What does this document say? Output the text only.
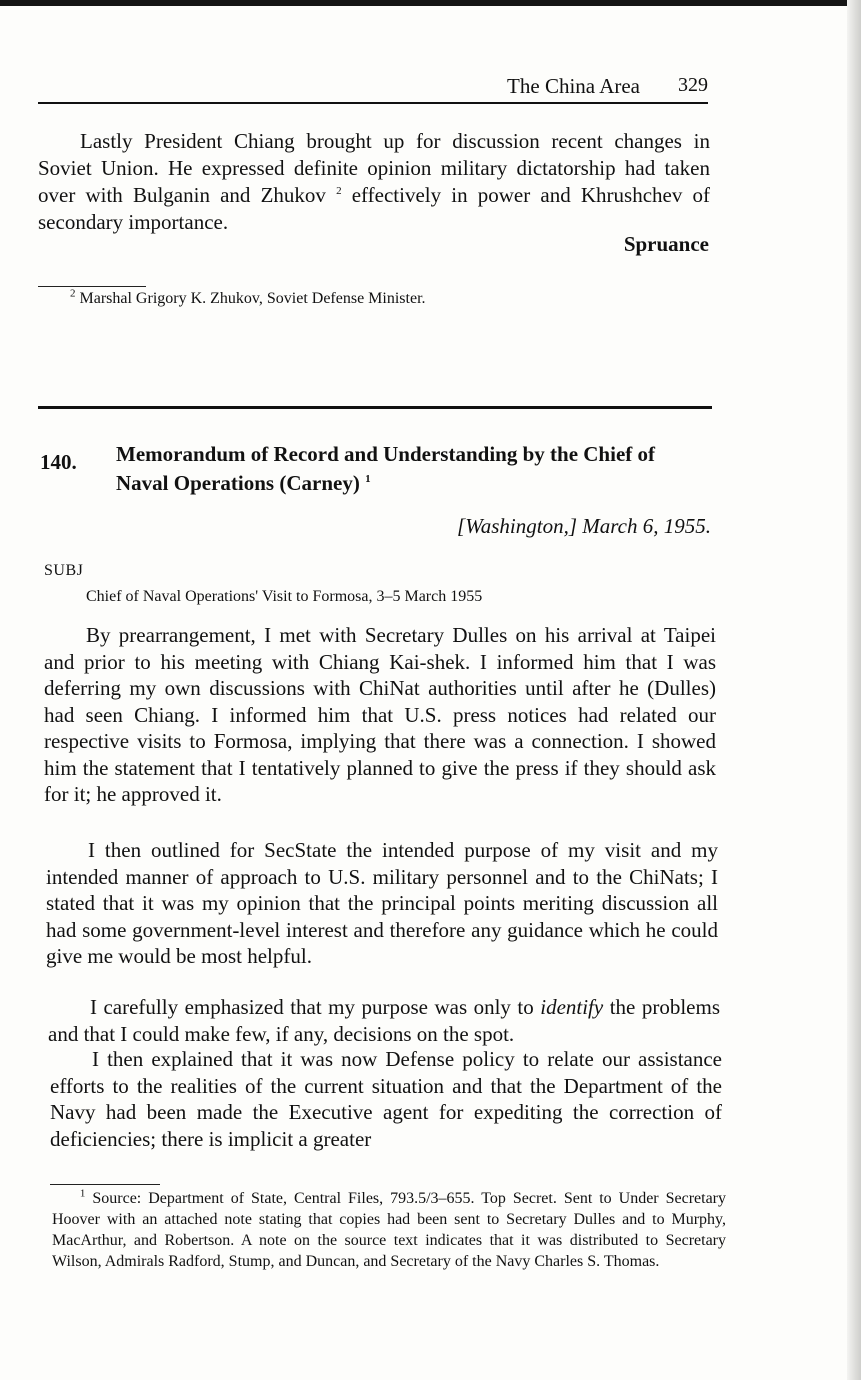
The China Area 329

Lastly President Chiang brought up for discussion recent changes in Soviet Union. He expressed definite opinion military dictatorship had taken over with Bulganin and Zhukov $^2$ effectively in power and Khrushchev of secondary importance.

Spruance

$^2$ Marshal Grigory K. Zhukov, Soviet Defense Minister.

140. Memorandum of Record and Understanding by the Chief of Naval Operations (Carney) $^1$

[Washington,] March 6, 1955.
SUBJ
Chief of Naval Operations' Visit to Formosa, 3–5 March 1955

By prearrangement, I met with Secretary Dulles on his arrival at Taipei and prior to his meeting with Chiang Kai-shek. I informed him that I was deferring my own discussions with ChiNat authorities until after he (Dulles) had seen Chiang. I informed him that U.S. press notices had related our respective visits to Formosa, implying that there was a connection. I showed him the statement that I tentatively planned to give the press if they should ask for it; he approved it.

I then outlined for SecState the intended purpose of my visit and my intended manner of approach to U.S. military personnel and to the ChiNats; I stated that it was my opinion that the principal points meriting discussion all had some government-level interest and therefore any guidance which he could give me would be most helpful.

I carefully emphasized that my purpose was only to identify the problems and that I could make few, if any, decisions on the spot.

I then explained that it was now Defense policy to relate our assistance efforts to the realities of the current situation and that the Department of the Navy had been made the Executive agent for expediting the correction of deficiencies; there is implicit a greater

$^1$ Source: Department of State, Central Files, 793.5/3–655. Top Secret. Sent to Under Secretary Hoover with an attached note stating that copies had been sent to Secretary Dulles and to Murphy, MacArthur, and Robertson. A note on the source text indicates that it was distributed to Secretary Wilson, Admirals Radford, Stump, and Duncan, and Secretary of the Navy Charles S. Thomas.
